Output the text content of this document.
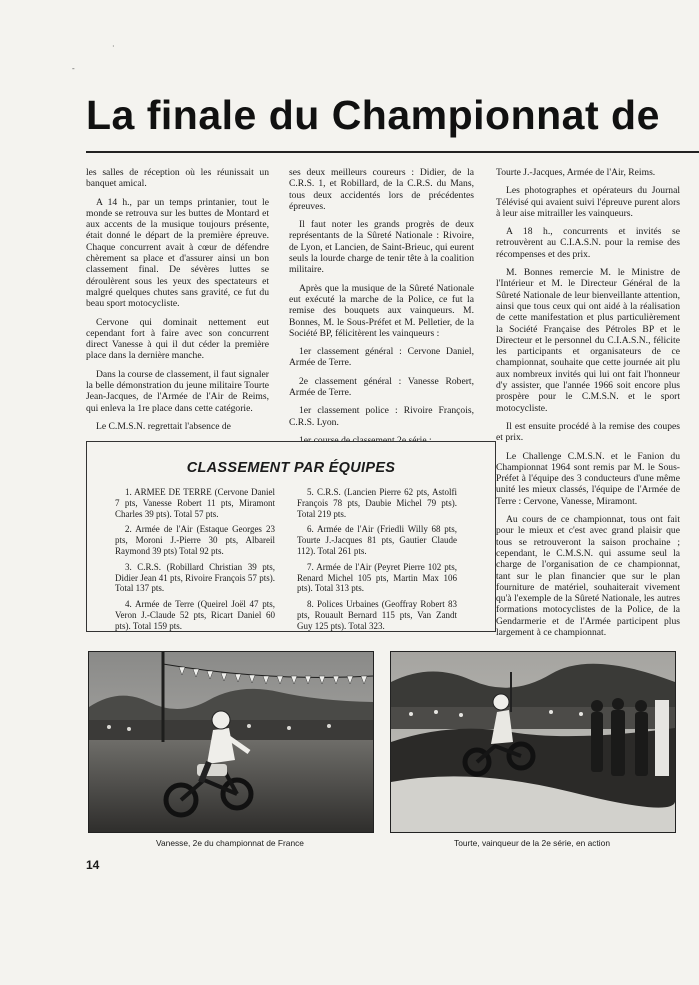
-
·
La finale du Championnat de

les salles de réception où les réunissait un banquet amical.

A 14 h., par un temps printanier, tout le monde se retrouva sur les buttes de Montard et aux accents de la musique toujours présente, était donné le départ de la première épreuve. Chaque concurrent avait à cœur de défendre chèrement sa place et d'assurer ainsi un bon classement final. De sévères luttes se déroulèrent sous les yeux des spectateurs et malgré quelques chutes sans gravité, ce fut du beau sport motocycliste.

Cervone qui dominait nettement eut cependant fort à faire avec son concurrent direct Vanesse à qui il dut céder la première place dans la dernière manche.

Dans la course de classement, il faut signaler la belle démonstration du jeune militaire Tourte Jean-Jacques, de l'Armée de l'Air de Reims, qui enleva la 1re place dans cette catégorie.

Le C.M.S.N. regrettait l'absence de

ses deux meilleurs coureurs : Didier, de la C.R.S. 1, et Robillard, de la C.R.S. du Mans, tous deux accidentés lors de précédentes épreuves.

Il faut noter les grands progrès de deux représentants de la Sûreté Nationale : Rivoire, de Lyon, et Lancien, de Saint-Brieuc, qui eurent seuls la lourde charge de tenir tête à la coalition militaire.

Après que la musique de la Sûreté Nationale eut exécuté la marche de la Police, ce fut la remise des bouquets aux vainqueurs. M. Bonnes, M. le Sous-Préfet et M. Pelletier, de la Société BP, félicitèrent les vainqueurs :

1er classement général : Cervone Daniel, Armée de Terre.

2e classement général : Vanesse Robert, Armée de Terre.

1er classement police : Rivoire François, C.R.S. Lyon.

Tourte J.-Jacques, Armée de l'Air, Reims.

Les photographes et opérateurs du Journal Télévisé qui avaient suivi l'épreuve purent alors à leur aise mitrailler les vainqueurs.

A 18 h., concurrents et invités se retrouvèrent au C.I.A.S.N. pour la remise des récompenses et des prix.

M. Bonnes remercie M. le Ministre de l'Intérieur et M. le Directeur Général de la Sûreté Nationale de leur bienveillante attention, ainsi que tous ceux qui ont aidé à la réalisation de cette manifestation et plus particulièrement la Société Française des Pétroles BP et le Directeur et le personnel du C.I.A.S.N., félicite les participants et organisateurs de ce championnat, souhaite que cette journée ait plu aux nombreux invités qui lui ont fait l'honneur d'y assister, que l'année 1966 soit encore plus prospère pour le C.M.S.N. et le sport motocycliste.

Il est ensuite procédé à la remise des coupes et prix.

Le Challenge C.M.S.N. et le Fanion du Championnat 1964 sont remis par M. le Sous-Préfet à l'équipe des 3 conducteurs d'une même unité les mieux classés, l'équipe de l'Armée de Terre : Cervone, Vanesse, Miramont.

Au cours de ce championnat, tous ont fait pour le mieux et c'est avec grand plaisir que tous se retrouveront la saison prochaine ; cependant, le C.M.S.N. qui assume seul la charge de l'organisation de ce championnat, tant sur le plan financier que sur le plan fourniture de matériel, souhaiterait vivement qu'à l'exemple de la Sûreté Nationale, les autres formations motocyclistes de la Police, de la Gendarmerie et de l'Armée participent plus largement à ce championnat.

CLASSEMENT PAR ÉQUIPES

1. ARMEE DE TERRE (Cervone Daniel 7 pts, Vanesse Robert 11 pts, Miramont Charles 39 pts). Total 57 pts.

2. Armée de l'Air (Estaque Georges 23 pts, Moroni J.-Pierre 30 pts, Albareil Raymond 39 pts) Total 92 pts.

3. C.R.S. (Robillard Christian 39 pts, Didier Jean 41 pts, Rivoire François 57 pts). Total 137 pts.

4. Armée de Terre (Queirel Joël 47 pts, Veron J.-Claude 52 pts, Ricart Daniel 60 pts). Total 159 pts.

5. C.R.S. (Lancien Pierre 62 pts, Astolfi François 78 pts, Daubie Michel 79 pts). Total 219 pts.

6. Armée de l'Air (Friedli Willy 68 pts, Tourte J.-Jacques 81 pts, Gautier Claude 112). Total 261 pts.

7. Armée de l'Air (Peyret Pierre 102 pts, Renard Michel 105 pts, Martin Max 106 pts). Total 313 pts.

8. Polices Urbaines (Geoffray Robert 83 pts, Rouault Bernard 115 pts, Van Zandt Guy 125 pts). Total 323.

Vanesse, 2e du championnat de France	Tourte, vainqueur de la 2e série, en action
14
